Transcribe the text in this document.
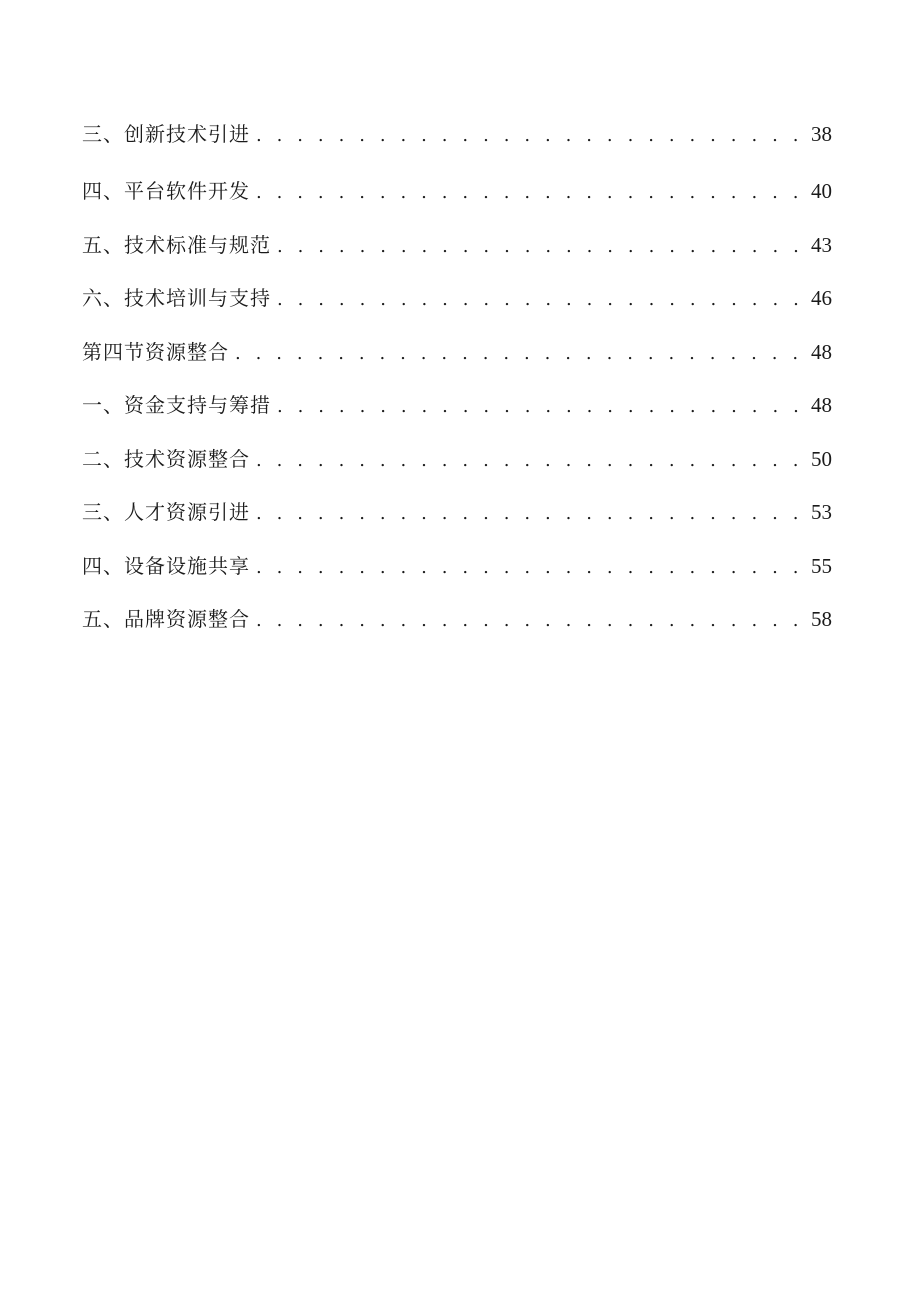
三、创新技术引进 . . .	38
四、平台软件开发 . . .	40
五、技术标准与规范 . . .	43
六、技术培训与支持 . . .	46
第四节资源整合 . . .	48
一、资金支持与筹措 . . .	48
二、技术资源整合 . . .	50
三、人才资源引进 . . .	53
四、设备设施共享 . . .	55
五、品牌资源整合 . . .	58
